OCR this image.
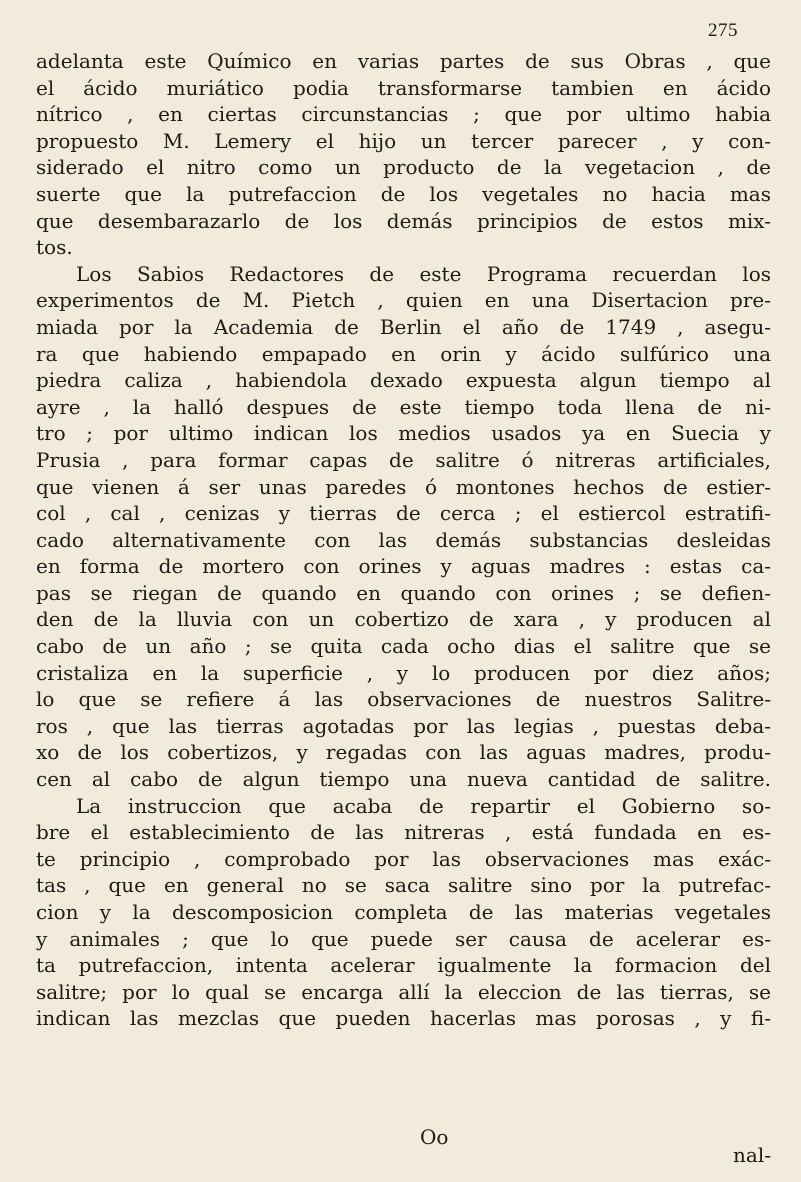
275
adelanta este Químico en varias partes de sus Obras , que
el ácido muriático podia transformarse tambien en ácido
nítrico , en ciertas circunstancias ; que por ultimo habia
propuesto M. Lemery el hijo un tercer parecer , y con-
siderado el nitro como un producto de la vegetacion , de
suerte que la putrefaccion de los vegetales no hacia mas
que desembarazarlo de los demás principios de estos mix-
tos.
Los Sabios Redactores de este Programa recuerdan los
experimentos de M. Pietch , quien en una Disertacion pre-
miada por la Academia de Berlin el año de 1749 , asegu-
ra que habiendo empapado en orin y ácido sulfúrico una
piedra caliza , habiendola dexado expuesta algun tiempo al
ayre , la halló despues de este tiempo toda llena de ni-
tro ; por ultimo indican los medios usados ya en Suecia y
Prusia , para formar capas de salitre ó nitreras artificiales,
que vienen á ser unas paredes ó montones hechos de estier-
col , cal , cenizas y tierras de cerca ; el estiercol estratifi-
cado alternativamente con las demás substancias desleidas
en forma de mortero con orines y aguas madres : estas ca-
pas se riegan de quando en quando con orines ; se defien-
den de la lluvia con un cobertizo de xara , y producen al
cabo de un año ; se quita cada ocho dias el salitre que se
cristaliza en la superficie , y lo producen por diez años;
lo que se refiere á las observaciones de nuestros Salitre-
ros , que las tierras agotadas por las legias , puestas deba-
xo de los cobertizos, y regadas con las aguas madres, produ-
cen al cabo de algun tiempo una nueva cantidad de salitre.
La instruccion que acaba de repartir el Gobierno so-
bre el establecimiento de las nitreras , está fundada en es-
te principio , comprobado por las observaciones mas exác-
tas , que en general no se saca salitre sino por la putrefac-
cion y la descomposicion completa de las materias vegetales
y animales ; que lo que puede ser causa de acelerar es-
ta putrefaccion, intenta acelerar igualmente la formacion del
salitre; por lo qual se encarga allí la eleccion de las tierras, se
indican las mezclas que pueden hacerlas mas porosas , y fi-
Oo
nal-
